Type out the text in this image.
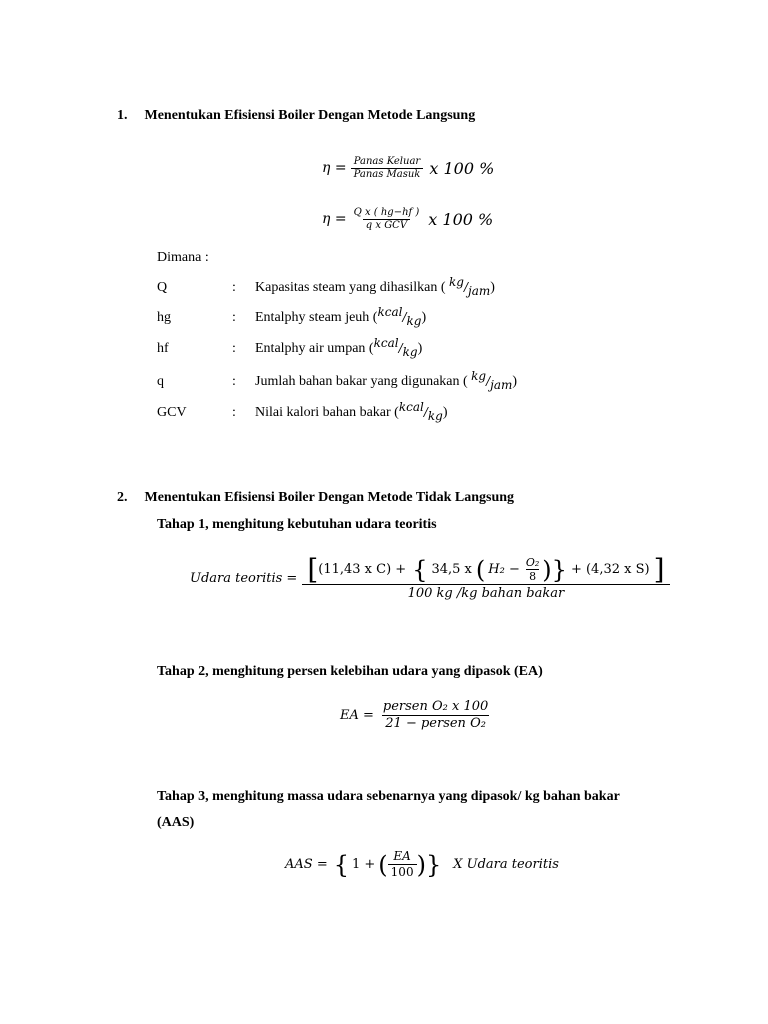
1. Menentukan Efisiensi Boiler Dengan Metode Langsung
$\eta = \frac{\text{Panas Keluar}}{\text{Panas Masuk}}$ x 100 %
$\eta = \frac{\text{Q x ( hg−hf )}}{\text{q x GCV}}$ x 100 %
Dimana :
Q	: Kapasitas steam yang dihasilkan ( kg/jam)
hg	: Entalphy steam jeuh (kcal/kg)
hf	: Entalphy air umpan (kcal/kg)
q	: Jumlah bahan bakar yang digunakan ( kg/jam)
GCV	: Nilai kalori bahan bakar (kcal/kg)
2. Menentukan Efisiensi Boiler Dengan Metode Tidak Langsung
Tahap 1, menghitung kebutuhan udara teoritis
Udara teoritis = [ (11,43 x C) + { 34,5 x ( $H_2 - \frac{\text{O₂}}{8}$ ) } + (4,32 x S) ]
100 kg /kg bahan bakar
Tahap 2, menghitung persen kelebihan udara yang dipasok (EA)
EA = $\frac{\text{persen O₂ x 100}}{\text{21 − persen O₂}}$
Tahap 3, menghitung massa udara sebenarnya yang dipasok/ kg bahan bakar
(AAS)
AAS = { 1 + ( $\frac{EA}{100}$ ) } X Udara teoritis
